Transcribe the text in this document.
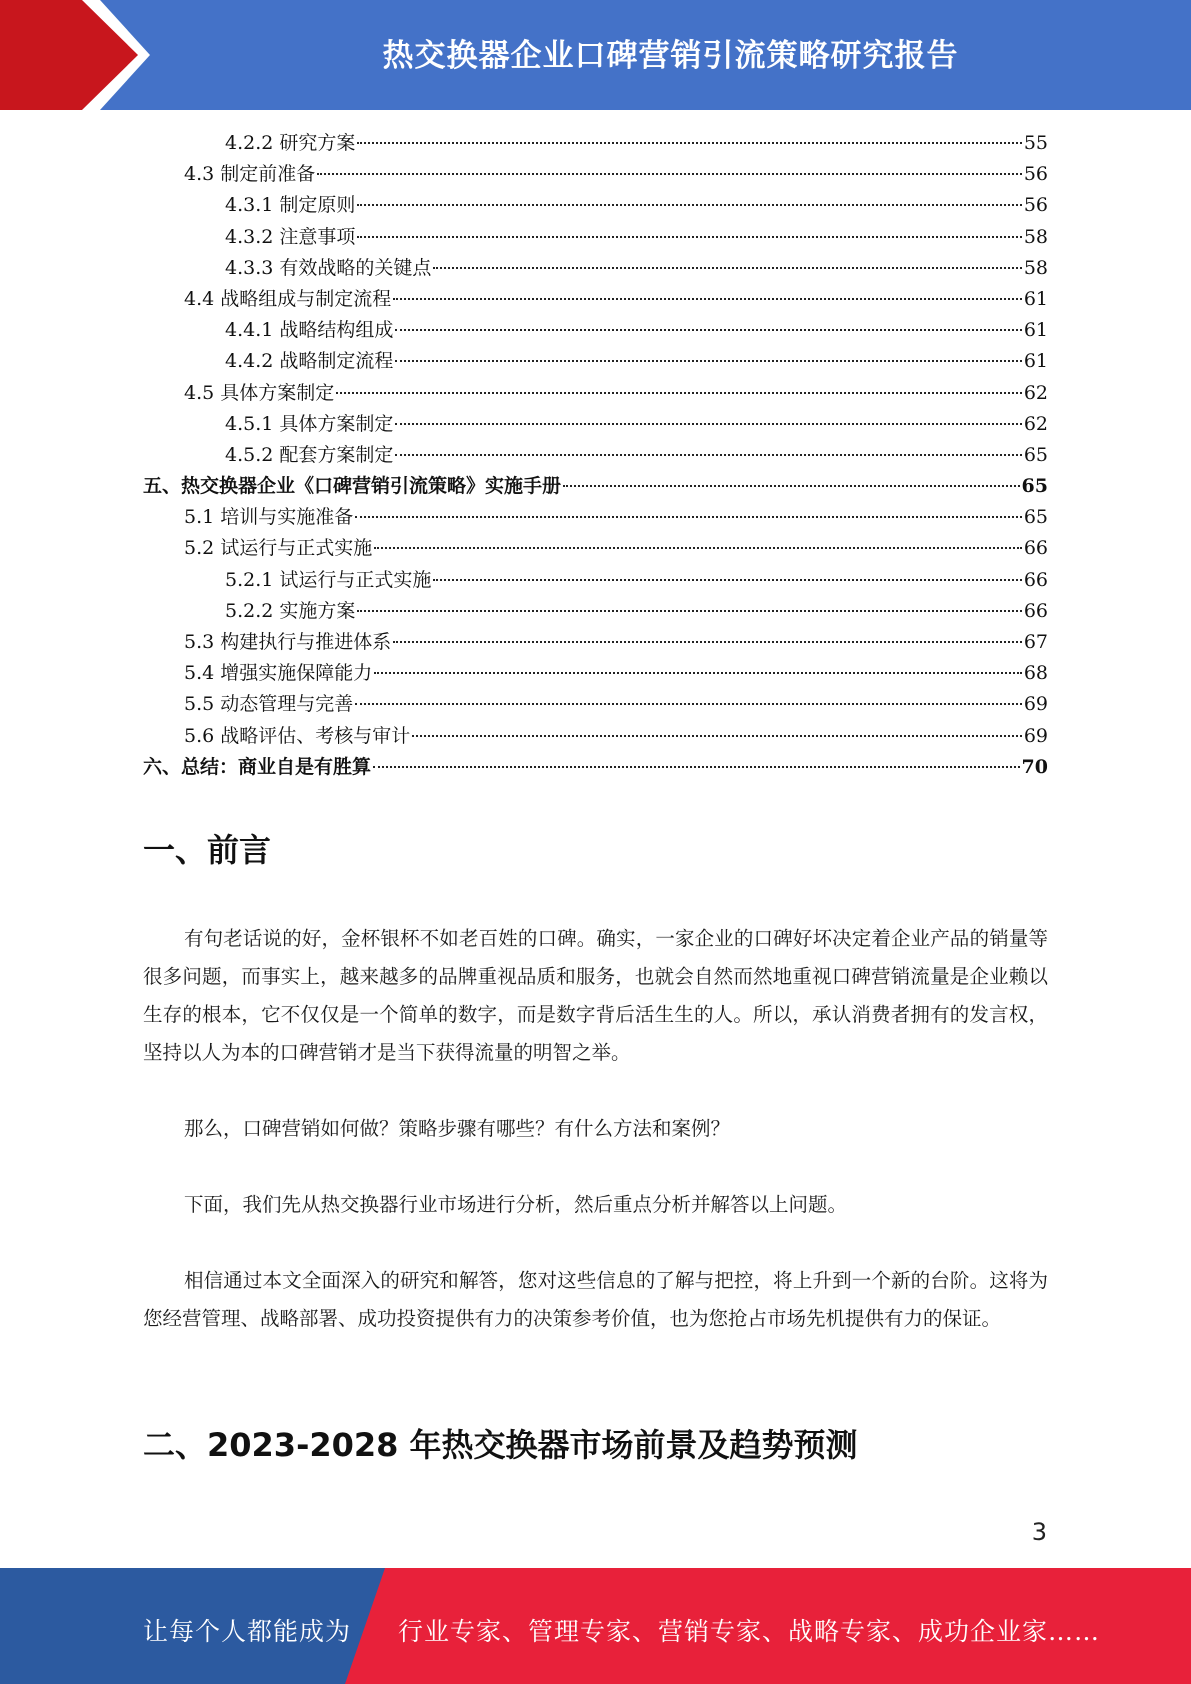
热交换器企业口碑营销引流策略研究报告
4.2.2 研究方案	55
4.3 制定前准备	56
4.3.1 制定原则	56
4.3.2 注意事项	58
4.3.3 有效战略的关键点	58
4.4 战略组成与制定流程	61
4.4.1 战略结构组成	61
4.4.2 战略制定流程	61
4.5 具体方案制定	62
4.5.1 具体方案制定	62
4.5.2 配套方案制定	65
五、热交换器企业《口碑营销引流策略》实施手册	65
5.1 培训与实施准备	65
5.2 试运行与正式实施	66
5.2.1 试运行与正式实施	66
5.2.2 实施方案	66
5.3 构建执行与推进体系	67
5.4 增强实施保障能力	68
5.5 动态管理与完善	69
5.6 战略评估、考核与审计	69
六、总结：商业自是有胜算	70
一、前言
有句老话说的好，金杯银杯不如老百姓的口碑。确实，一家企业的口碑好坏决定着企业产品的销量等很多问题，而事实上，越来越多的品牌重视品质和服务，也就会自然而然地重视口碑营销流量是企业赖以生存的根本，它不仅仅是一个简单的数字，而是数字背后活生生的人。所以，承认消费者拥有的发言权，坚持以人为本的口碑营销才是当下获得流量的明智之举。
那么，口碑营销如何做？策略步骤有哪些？有什么方法和案例？
下面，我们先从热交换器行业市场进行分析，然后重点分析并解答以上问题。
相信通过本文全面深入的研究和解答，您对这些信息的了解与把控，将上升到一个新的台阶。这将为您经营管理、战略部署、成功投资提供有力的决策参考价值，也为您抢占市场先机提供有力的保证。
二、2023-2028 年热交换器市场前景及趋势预测
3
让每个人都能成为 行业专家、管理专家、营销专家、战略专家、成功企业家……
